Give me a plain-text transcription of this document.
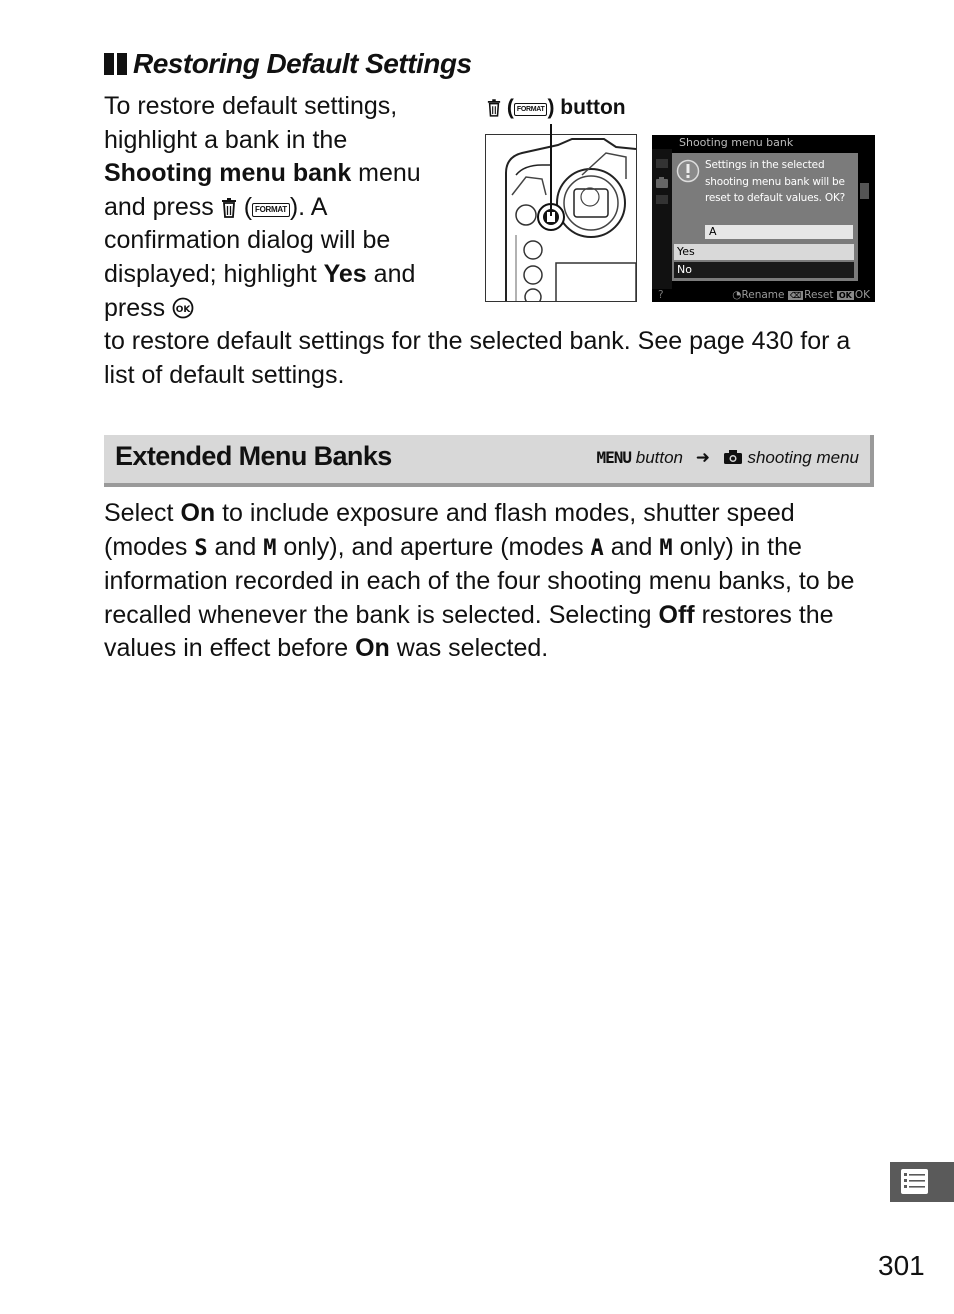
Restoring Default Settings

To restore default settings, highlight a bank in the Shooting menu bank menu and press ( FORMAT ). A confirmation dialog will be displayed; highlight Yes and press OK

to restore default settings for the selected bank. See page 430 for a list of default settings.

( FORMAT ) button
Shooting menu bank
Settings in the selected shooting menu bank will be reset to default values. OK?
A
Yes
No
?	◔Rename ⌫ Reset OK OK
Extended Menu Banks	MENU button ➜ shooting menu

Select On to include exposure and flash modes, shutter speed (modes S and M only), and aperture (modes A and M only) in the information recorded in each of the four shooting menu banks, to be recalled whenever the bank is selected. Selecting Off restores the values in effect before On was selected.

301
